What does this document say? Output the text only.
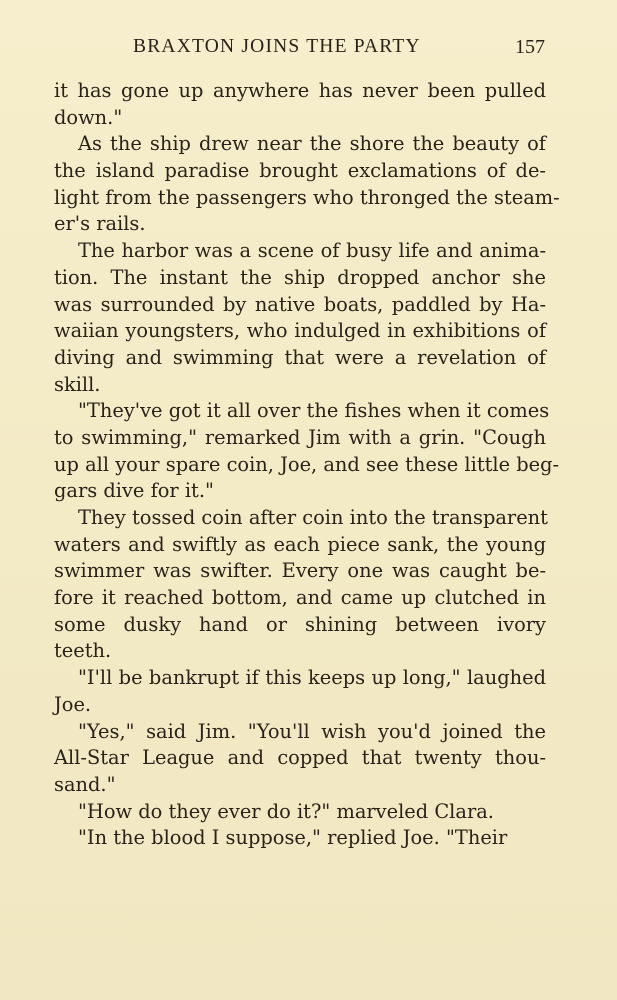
BRAXTON JOINS THE PARTY	157
it has gone up anywhere has never been pulled
down."
As the ship drew near the shore the beauty of
the island paradise brought exclamations of de-
light from the passengers who thronged the steam-
er's rails.
The harbor was a scene of busy life and anima-
tion. The instant the ship dropped anchor she
was surrounded by native boats, paddled by Ha-
waiian youngsters, who indulged in exhibitions of
diving and swimming that were a revelation of
skill.
"They've got it all over the fishes when it comes
to swimming," remarked Jim with a grin. "Cough
up all your spare coin, Joe, and see these little beg-
gars dive for it."
They tossed coin after coin into the transparent
waters and swiftly as each piece sank, the young
swimmer was swifter. Every one was caught be-
fore it reached bottom, and came up clutched in
some dusky hand or shining between ivory
teeth.
"I'll be bankrupt if this keeps up long," laughed
Joe.
"Yes," said Jim. "You'll wish you'd joined the
All-Star League and copped that twenty thou-
sand."
"How do they ever do it?" marveled Clara.
"In the blood I suppose," replied Joe. "Their
